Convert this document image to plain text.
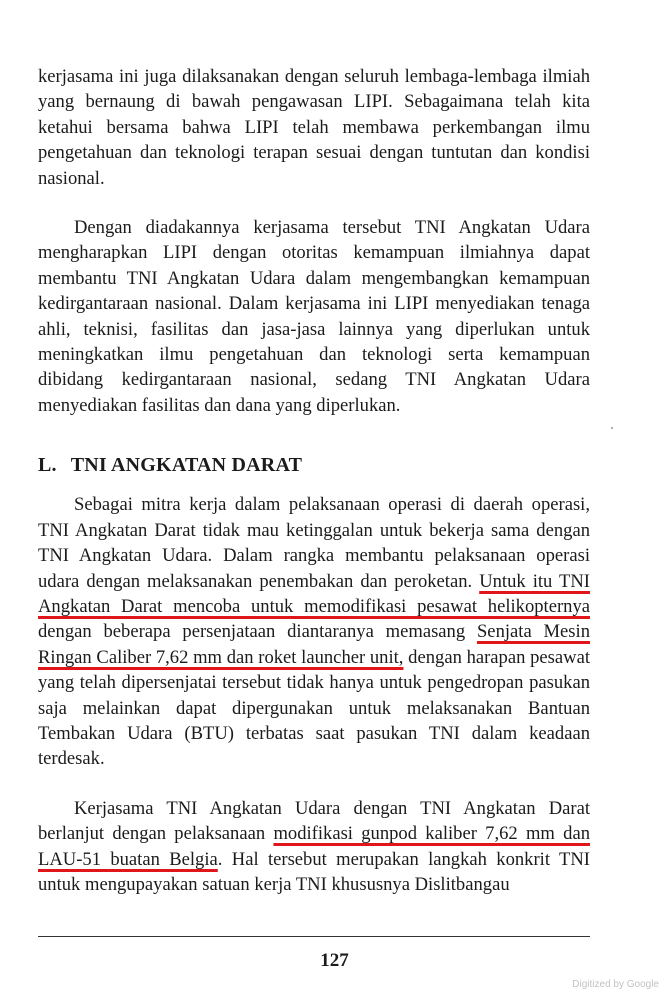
kerjasama ini juga dilaksanakan dengan seluruh lembaga-lembaga ilmiah yang bernaung di bawah pengawasan LIPI. Sebagaimana telah kita ketahui bersama bahwa LIPI telah membawa perkembangan ilmu pengetahuan dan teknologi terapan sesuai dengan tuntutan dan kondisi nasional.

Dengan diadakannya kerjasama tersebut TNI Angkatan Udara mengharapkan LIPI dengan otoritas kemampuan ilmiahnya dapat membantu TNI Angkatan Udara dalam mengembangkan kemampuan kedirgantaraan nasional. Dalam kerjasama ini LIPI menyediakan tenaga ahli, teknisi, fasilitas dan jasa-jasa lainnya yang diperlukan untuk meningkatkan ilmu pengetahuan dan teknologi serta kemampuan dibidang kedirgantaraan nasional, sedang TNI Angkatan Udara menyediakan fasilitas dan dana yang diperlukan.

L. TNI ANGKATAN DARAT

Sebagai mitra kerja dalam pelaksanaan operasi di daerah operasi, TNI Angkatan Darat tidak mau ketinggalan untuk bekerja sama dengan TNI Angkatan Udara. Dalam rangka membantu pelaksanaan operasi udara dengan melaksanakan penembakan dan peroketan. Untuk itu TNI Angkatan Darat mencoba untuk memodifikasi pesawat helikopternya dengan beberapa persenjataan diantaranya memasang Senjata Mesin Ringan Caliber 7,62 mm dan roket launcher unit, dengan harapan pesawat yang telah dipersenjatai tersebut tidak hanya untuk pengedropan pasukan saja melainkan dapat dipergunakan untuk melaksanakan Bantuan Tembakan Udara (BTU) terbatas saat pasukan TNI dalam keadaan terdesak.

Kerjasama TNI Angkatan Udara dengan TNI Angkatan Darat berlanjut dengan pelaksanaan modifikasi gunpod kaliber 7,62 mm dan LAU-51 buatan Belgia. Hal tersebut merupakan langkah konkrit TNI untuk mengupayakan satuan kerja TNI khususnya Dislitbangau

127
Digitized by Google
